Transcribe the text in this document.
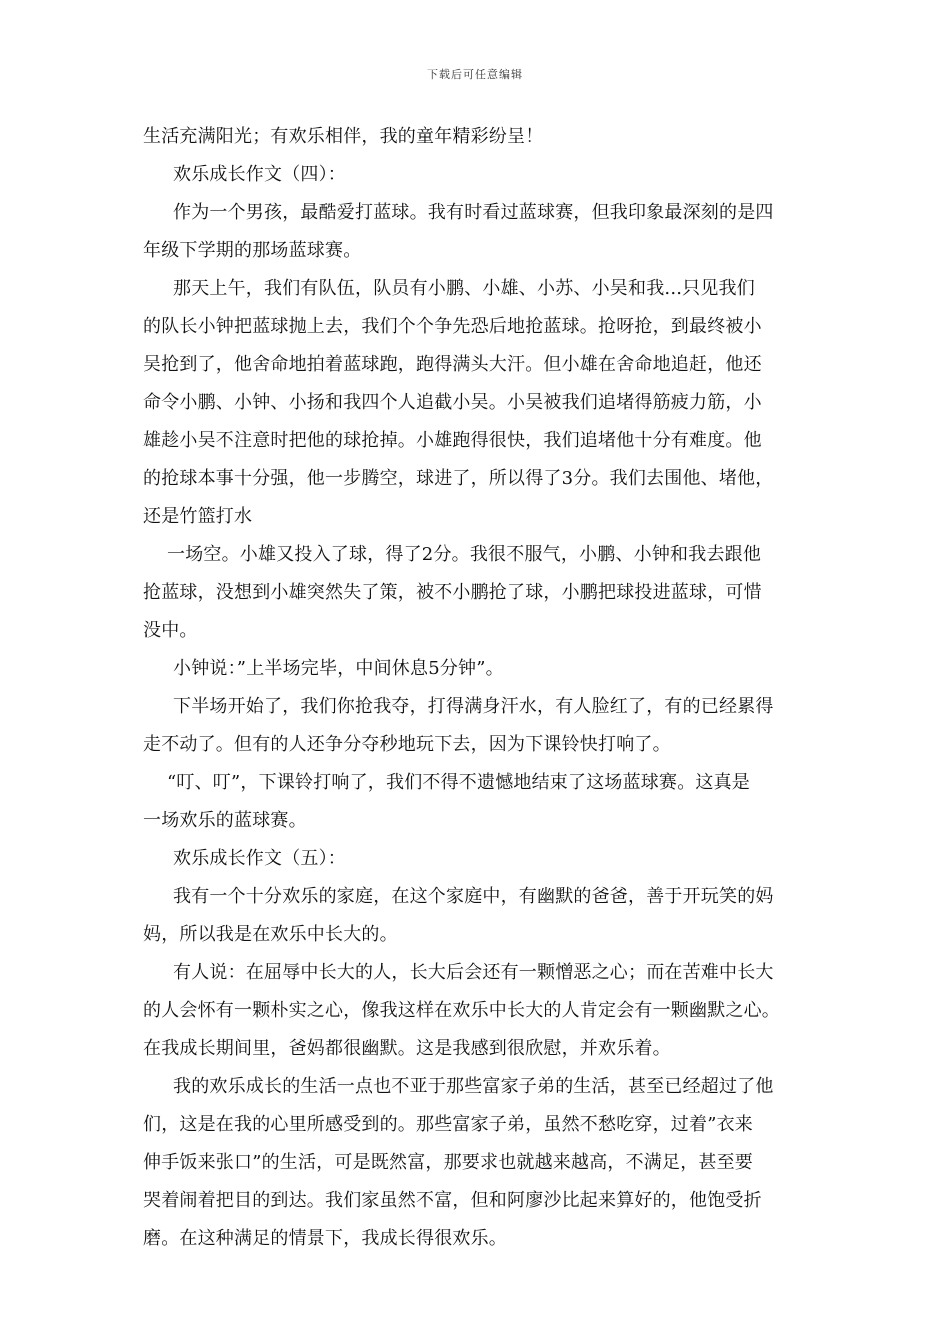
下载后可任意编辑

生活充满阳光；有欢乐相伴，我的童年精彩纷呈！

欢乐成长作文（四）：

作为一个男孩，最酷爱打蓝球。我有时看过蓝球赛，但我印象最深刻的是四

年级下学期的那场蓝球赛。

那天上午，我们有队伍，队员有小鹏、小雄、小苏、小吴和我...只见我们

的队长小钟把蓝球抛上去，我们个个争先恐后地抢蓝球。抢呀抢，到最终被小

吴抢到了，他舍命地拍着蓝球跑，跑得满头大汗。但小雄在舍命地追赶，他还

命令小鹏、小钟、小扬和我四个人追截小吴。小吴被我们追堵得筋疲力筋，小

雄趁小吴不注意时把他的球抢掉。小雄跑得很快，我们追堵他十分有难度。他

的抢球本事十分强，他一步腾空，球进了，所以得了3分。我们去围他、堵他，

还是竹篮打水

一场空。小雄又投入了球，得了2分。我很不服气，小鹏、小钟和我去跟他

抢蓝球，没想到小雄突然失了策，被不小鹏抢了球，小鹏把球投进蓝球，可惜

没中。

小钟说：”上半场完毕，中间休息5分钟”。

下半场开始了，我们你抢我夺，打得满身汗水，有人脸红了，有的已经累得

走不动了。但有的人还争分夺秒地玩下去，因为下课铃快打响了。

“叮、叮”，下课铃打响了，我们不得不遗憾地结束了这场蓝球赛。这真是

一场欢乐的蓝球赛。

欢乐成长作文（五）：

我有一个十分欢乐的家庭，在这个家庭中，有幽默的爸爸，善于开玩笑的妈

妈，所以我是在欢乐中长大的。

有人说：在屈辱中长大的人，长大后会还有一颗憎恶之心；而在苦难中长大

的人会怀有一颗朴实之心，像我这样在欢乐中长大的人肯定会有一颗幽默之心。

在我成长期间里，爸妈都很幽默。这是我感到很欣慰，并欢乐着。

我的欢乐成长的生活一点也不亚于那些富家子弟的生活，甚至已经超过了他

们，这是在我的心里所感受到的。那些富家子弟，虽然不愁吃穿，过着”衣来

伸手饭来张口”的生活，可是既然富，那要求也就越来越高，不满足，甚至要

哭着闹着把目的到达。我们家虽然不富，但和阿廖沙比起来算好的，他饱受折

磨。在这种满足的情景下，我成长得很欢乐。
